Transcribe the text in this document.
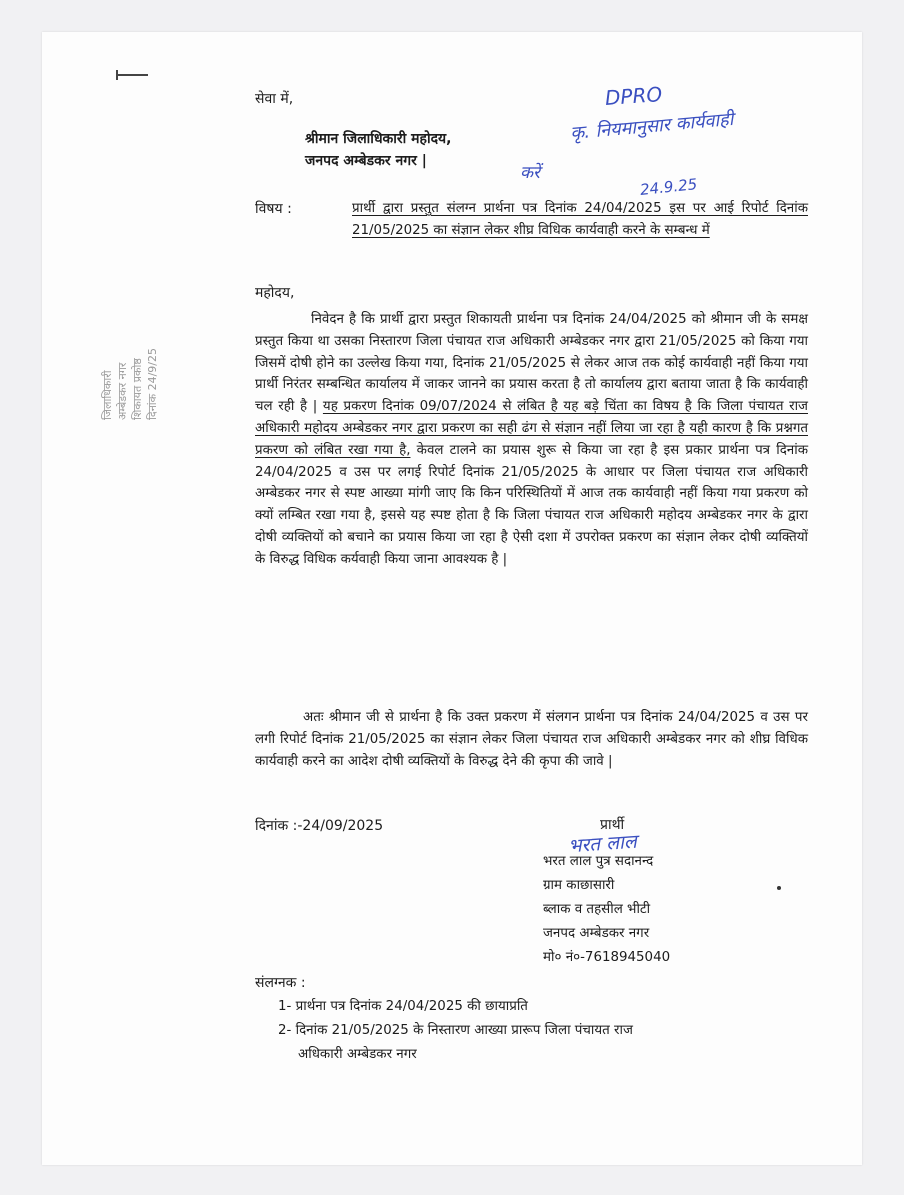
जिलाधिकारी अम्बेडकर नगर शिकायत प्रकोष्ठ दिनांक 24/9/25
सेवा में,
श्रीमान जिलाधिकारी महोदय,
जनपद अम्बेडकर नगर |
DPRO
कृ. नियमानुसार कार्यवाही
करें
24.9.25
विषय :	प्रार्थी द्वारा प्रस्तुत संलग्न प्रार्थना पत्र दिनांक 24/04/2025 इस पर आई रिपोर्ट दिनांक 21/05/2025 का संज्ञान लेकर शीघ्र विधिक कार्यवाही करने के सम्बन्ध में
महोदय,
निवेदन है कि प्रार्थी द्वारा प्रस्तुत शिकायती प्रार्थना पत्र दिनांक 24/04/2025 को श्रीमान जी के समक्ष प्रस्तुत किया था उसका निस्तारण जिला पंचायत राज अधिकारी अम्बेडकर नगर द्वारा 21/05/2025 को किया गया जिसमें दोषी होने का उल्लेख किया गया, दिनांक 21/05/2025 से लेकर आज तक कोई कार्यवाही नहीं किया गया प्रार्थी निरंतर सम्बन्धित कार्यालय में जाकर जानने का प्रयास करता है तो कार्यालय द्वारा बताया जाता है कि कार्यवाही चल रही है | यह प्रकरण दिनांक 09/07/2024 से लंबित है यह बड़े चिंता का विषय है कि जिला पंचायत राज अधिकारी महोदय अम्बेडकर नगर द्वारा प्रकरण का सही ढंग से संज्ञान नहीं लिया जा रहा है यही कारण है कि प्रश्नगत प्रकरण को लंबित रखा गया है, केवल टालने का प्रयास शुरू से किया जा रहा है इस प्रकार प्रार्थना पत्र दिनांक 24/04/2025 व उस पर लगई रिपोर्ट दिनांक 21/05/2025 के आधार पर जिला पंचायत राज अधिकारी अम्बेडकर नगर से स्पष्ट आख्या मांगी जाए कि किन परिस्थितियों में आज तक कार्यवाही नहीं किया गया प्रकरण को क्यों लम्बित रखा गया है, इससे यह स्पष्ट होता है कि जिला पंचायत राज अधिकारी महोदय अम्बेडकर नगर के द्वारा दोषी व्यक्तियों को बचाने का प्रयास किया जा रहा है ऐसी दशा में उपरोक्त प्रकरण का संज्ञान लेकर दोषी व्यक्तियों के विरुद्ध विधिक कर्यवाही किया जाना आवश्यक है |
अतः श्रीमान जी से प्रार्थना है कि उक्त प्रकरण में संलगन प्रार्थना पत्र दिनांक 24/04/2025 व उस पर लगी रिपोर्ट दिनांक 21/05/2025 का संज्ञान लेकर जिला पंचायत राज अधिकारी अम्बेडकर नगर को शीघ्र विधिक कार्यवाही करने का आदेश दोषी व्यक्तियों के विरुद्ध देने की कृपा की जावे |
दिनांक :-24/09/2025	प्रार्थी
भरत लाल
भरत लाल पुत्र सदानन्द
ग्राम काछासारी
ब्लाक व तहसील भीटी
जनपद अम्बेडकर नगर
मो० नं०-7618945040
संलग्नक :
1- प्रार्थना पत्र दिनांक 24/04/2025 की छायाप्रति
2- दिनांक 21/05/2025 के निस्तारण आख्या प्रारूप जिला पंचायत राज
अधिकारी अम्बेडकर नगर
